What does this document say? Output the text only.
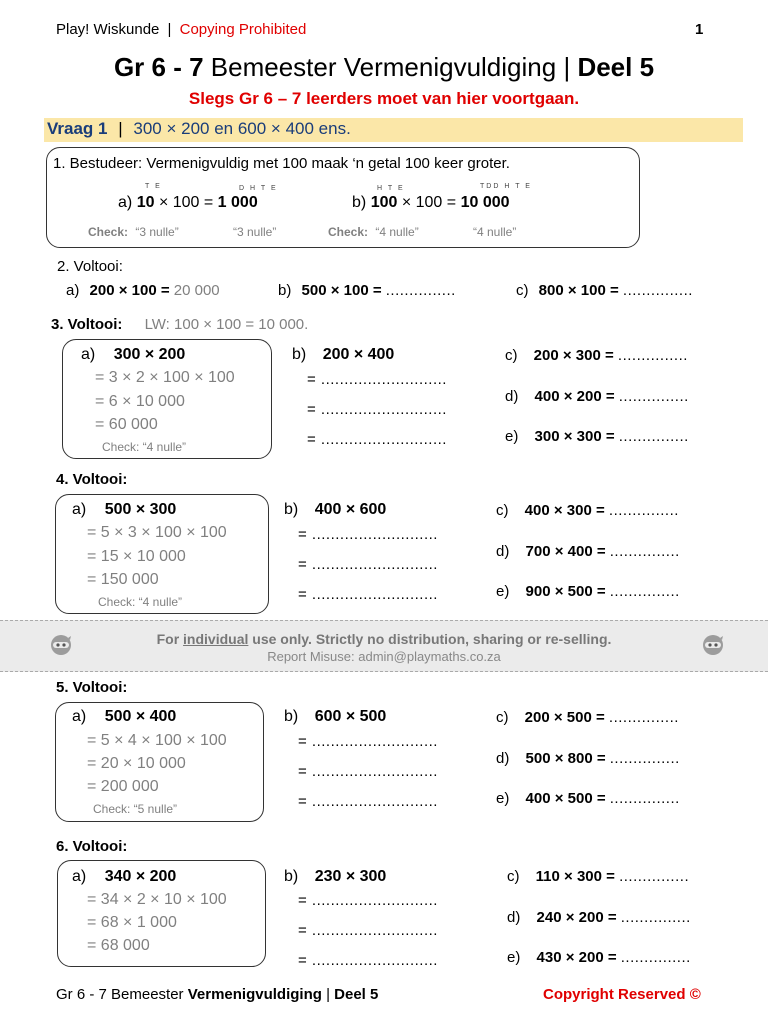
Play! Wiskunde | Copying Prohibited	1
Gr 6 - 7 Bemeester Vermenigvuldiging | Deel 5
Slegs Gr 6 – 7 leerders moet van hier voortgaan.
Vraag 1 | 300 × 200 en 600 × 400 ens.
1. Bestudeer: Vermenigvuldig met 100 maak ‘n getal 100 keer groter.
T E	D H T E
a) 10 × 100 = 1 000
H T E	TDD H T E
b) 100 × 100 = 10 000
Check: “3 nulle”	“3 nulle”	Check: “4 nulle”	“4 nulle”
2. Voltooi:
a) 200 × 100 = 20 000	b) 500 × 100 = ...............	c) 800 × 100 = ...............
3. Voltooi: LW: 100 × 100 = 10 000.
a) 300 × 200
= 3 × 2 × 100 × 100
= 6 × 10 000
= 60 000
Check: “4 nulle”
b) 200 × 400
= ...........................
= ...........................
= ...........................
c) 200 × 300 = ...............
d) 400 × 200 = ...............
e) 300 × 300 = ...............
4. Voltooi:
a) 500 × 300
= 5 × 3 × 100 × 100
= 15 × 10 000
= 150 000
Check: “4 nulle”
b) 400 × 600
= ...........................
= ...........................
= ...........................
c) 400 × 300 = ...............
d) 700 × 400 = ...............
e) 900 × 500 = ...............
For individual use only. Strictly no distribution, sharing or re-selling.
Report Misuse: admin@playmaths.co.za
5. Voltooi:
a) 500 × 400
= 5 × 4 × 100 × 100
= 20 × 10 000
= 200 000
Check: “5 nulle”
b) 600 × 500
= ...........................
= ...........................
= ...........................
c) 200 × 500 = ...............
d) 500 × 800 = ...............
e) 400 × 500 = ...............
6. Voltooi:
a) 340 × 200
= 34 × 2 × 10 × 100
= 68 × 1 000
= 68 000
b) 230 × 300
= ...........................
= ...........................
= ...........................
c) 110 × 300 = ...............
d) 240 × 200 = ...............
e) 430 × 200 = ...............
Gr 6 - 7 Bemeester Vermenigvuldiging | Deel 5	Copyright Reserved ©
